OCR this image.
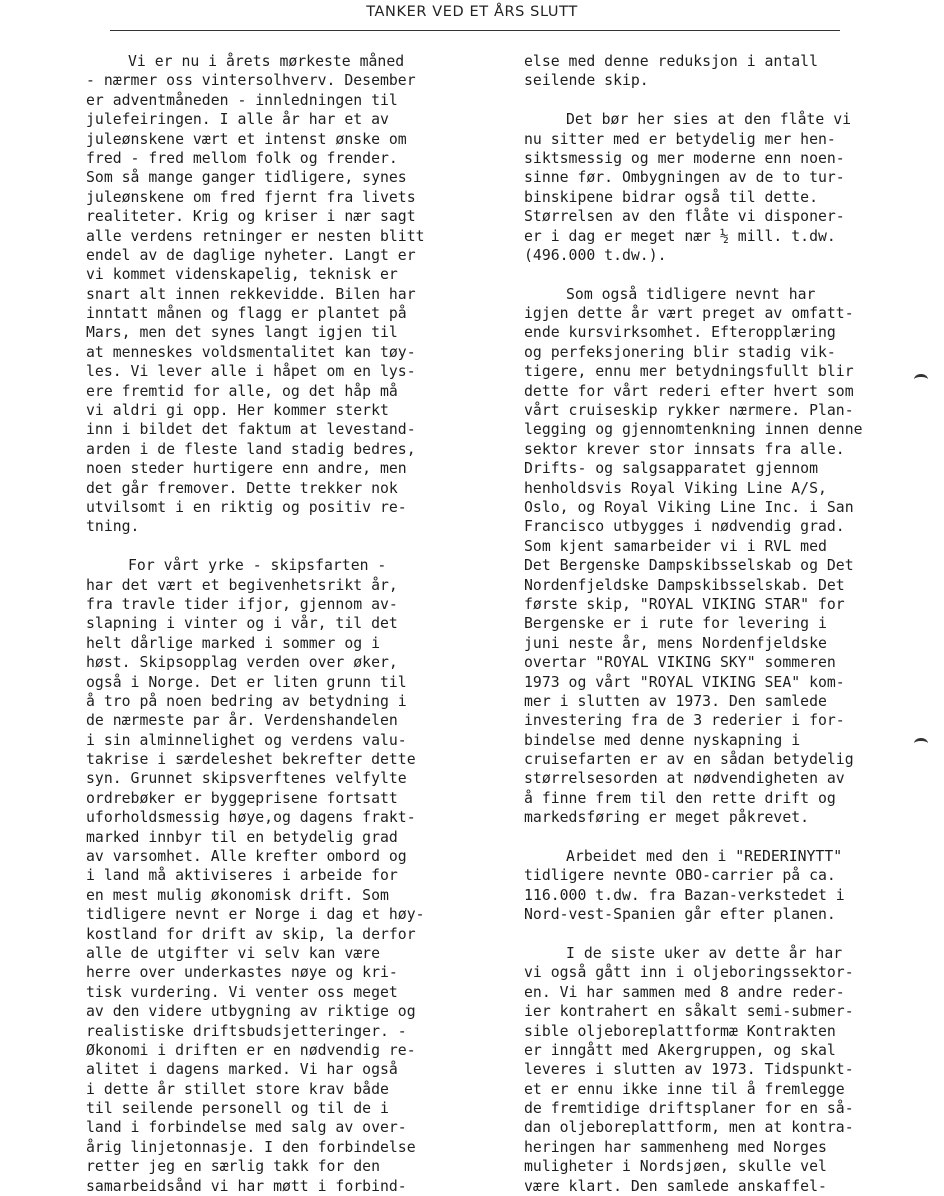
TANKER VED ET ÅRS SLUTT
Vi er nu i årets mørkeste måned
- nærmer oss vintersolhverv. Desember
er adventmåneden - innledningen til
julefeiringen. I alle år har et av
juleønskene vært et intenst ønske om
fred - fred mellom folk og frender.
Som så mange ganger tidligere, synes
juleønskene om fred fjernt fra livets
realiteter. Krig og kriser i nær sagt
alle verdens retninger er nesten blitt
endel av de daglige nyheter. Langt er
vi kommet videnskapelig, teknisk er
snart alt innen rekkevidde. Bilen har
inntatt månen og flagg er plantet på
Mars, men det synes langt igjen til
at menneskes voldsmentalitet kan tøy-
les. Vi lever alle i håpet om en lys-
ere fremtid for alle, og det håp må
vi aldri gi opp. Her kommer sterkt
inn i bildet det faktum at levestand-
arden i de fleste land stadig bedres,
noen steder hurtigere enn andre, men
det går fremover. Dette trekker nok
utvilsomt i en riktig og positiv re-
tning.
For vårt yrke - skipsfarten -
har det vært et begivenhetsrikt år,
fra travle tider ifjor, gjennom av-
slapning i vinter og i vår, til det
helt dårlige marked i sommer og i
høst. Skipsopplag verden over øker,
også i Norge. Det er liten grunn til
å tro på noen bedring av betydning i
de nærmeste par år. Verdenshandelen
i sin alminnelighet og verdens valu-
takrise i særdeleshet bekrefter dette
syn. Grunnet skipsverftenes velfylte
ordrebøker er byggeprisene fortsatt
uforholdsmessig høye,og dagens frakt-
marked innbyr til en betydelig grad
av varsomhet. Alle krefter ombord og
i land må aktiviseres i arbeide for
en mest mulig økonomisk drift. Som
tidligere nevnt er Norge i dag et høy-
kostland for drift av skip, la derfor
alle de utgifter vi selv kan være
herre over underkastes nøye og kri-
tisk vurdering. Vi venter oss meget
av den videre utbygning av riktige og
realistiske driftsbudsjetteringer. -
Økonomi i driften er en nødvendig re-
alitet i dagens marked. Vi har også
i dette år stillet store krav både
til seilende personell og til de i
land i forbindelse med salg av over-
årig linjetonnasje. I den forbindelse
retter jeg en særlig takk for den
samarbeidsånd vi har møtt i forbind-
else med denne reduksjon i antall
seilende skip.
Det bør her sies at den flåte vi
nu sitter med er betydelig mer hen-
siktsmessig og mer moderne enn noen-
sinne før. Ombygningen av de to tur-
binskipene bidrar også til dette.
Størrelsen av den flåte vi disponer-
er i dag er meget nær ½ mill. t.dw.
(496.000 t.dw.).
Som også tidligere nevnt har
igjen dette år vært preget av omfatt-
ende kursvirksomhet. Efteropplæring
og perfeksjonering blir stadig vik-
tigere, ennu mer betydningsfullt blir
dette for vårt rederi efter hvert som
vårt cruiseskip rykker nærmere. Plan-
legging og gjennomtenkning innen denne
sektor krever stor innsats fra alle.
Drifts- og salgsapparatet gjennom
henholdsvis Royal Viking Line A/S,
Oslo, og Royal Viking Line Inc. i San
Francisco utbygges i nødvendig grad.
Som kjent samarbeider vi i RVL med
Det Bergenske Dampskibsselskab og Det
Nordenfjeldske Dampskibsselskab. Det
første skip, "ROYAL VIKING STAR" for
Bergenske er i rute for levering i
juni neste år, mens Nordenfjeldske
overtar "ROYAL VIKING SKY" sommeren
1973 og vårt "ROYAL VIKING SEA" kom-
mer i slutten av 1973. Den samlede
investering fra de 3 rederier i for-
bindelse med denne nyskapning i
cruisefarten er av en sådan betydelig
størrelsesorden at nødvendigheten av
å finne frem til den rette drift og
markedsføring er meget påkrevet.
Arbeidet med den i "REDERINYTT"
tidligere nevnte OBO-carrier på ca.
116.000 t.dw. fra Bazan-verkstedet i
Nord-vest-Spanien går efter planen.
I de siste uker av dette år har
vi også gått inn i oljeboringssektor-
en. Vi har sammen med 8 andre reder-
ier kontrahert en såkalt semi-submer-
sible oljeboreplattformæ Kontrakten
er inngått med Akergruppen, og skal
leveres i slutten av 1973. Tidspunkt-
et er ennu ikke inne til å fremlegge
de fremtidige driftsplaner for en så-
dan oljeboreplattform, men at kontra-
heringen har sammenheng med Norges
muligheter i Nordsjøen, skulle vel
være klart. Den samlede anskaffel-
